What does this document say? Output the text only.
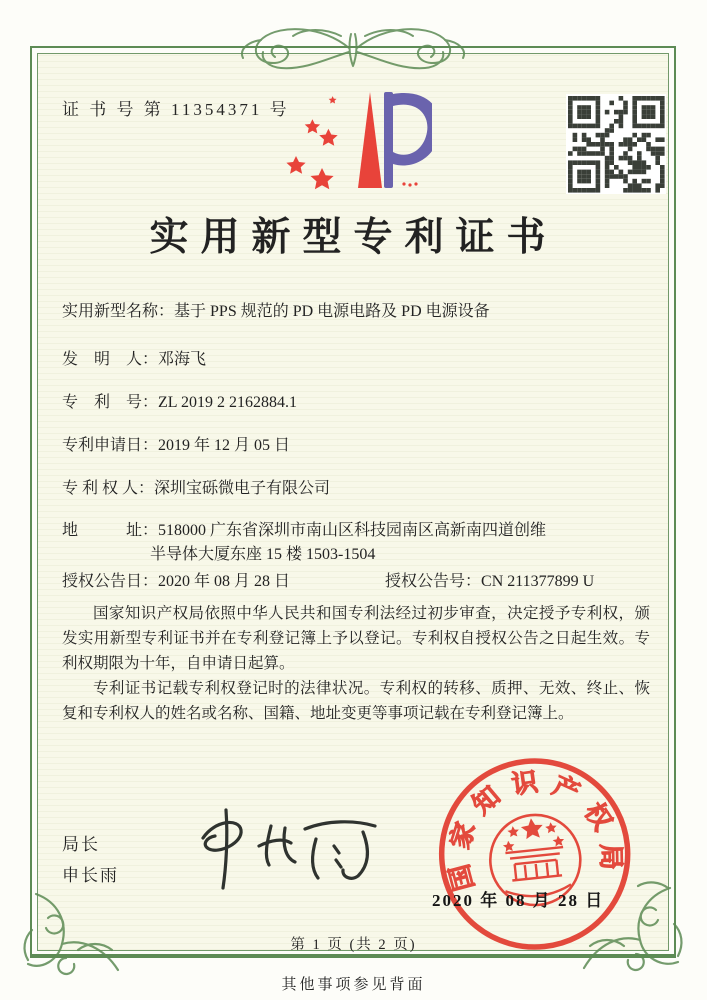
证 书 号 第 11354371 号
实用新型专利证书
实用新型名称：基于 PPS 规范的 PD 电源电路及 PD 电源设备
发　明　人：邓海飞
专　利　号：ZL 2019 2 2162884.1
专利申请日：2019 年 12 月 05 日
专 利 权 人：深圳宝砾微电子有限公司
地　　　址：518000 广东省深圳市南山区科技园南区高新南四道创维
半导体大厦东座 15 楼 1503-1504
授权公告日：2020 年 08 月 28 日	授权公告号：CN 211377899 U

国家知识产权局依照中华人民共和国专利法经过初步审查，决定授予专利权，颁发实用新型专利证书并在专利登记簿上予以登记。专利权自授权公告之日起生效。专利权期限为十年，自申请日起算。

专利证书记载专利权登记时的法律状况。专利权的转移、质押、无效、终止、恢复和专利权人的姓名或名称、国籍、地址变更等事项记载在专利登记簿上。

局长
申长雨	国家知识产权局
2020 年 08 月 28 日
第 1 页 (共 2 页)
其他事项参见背面
